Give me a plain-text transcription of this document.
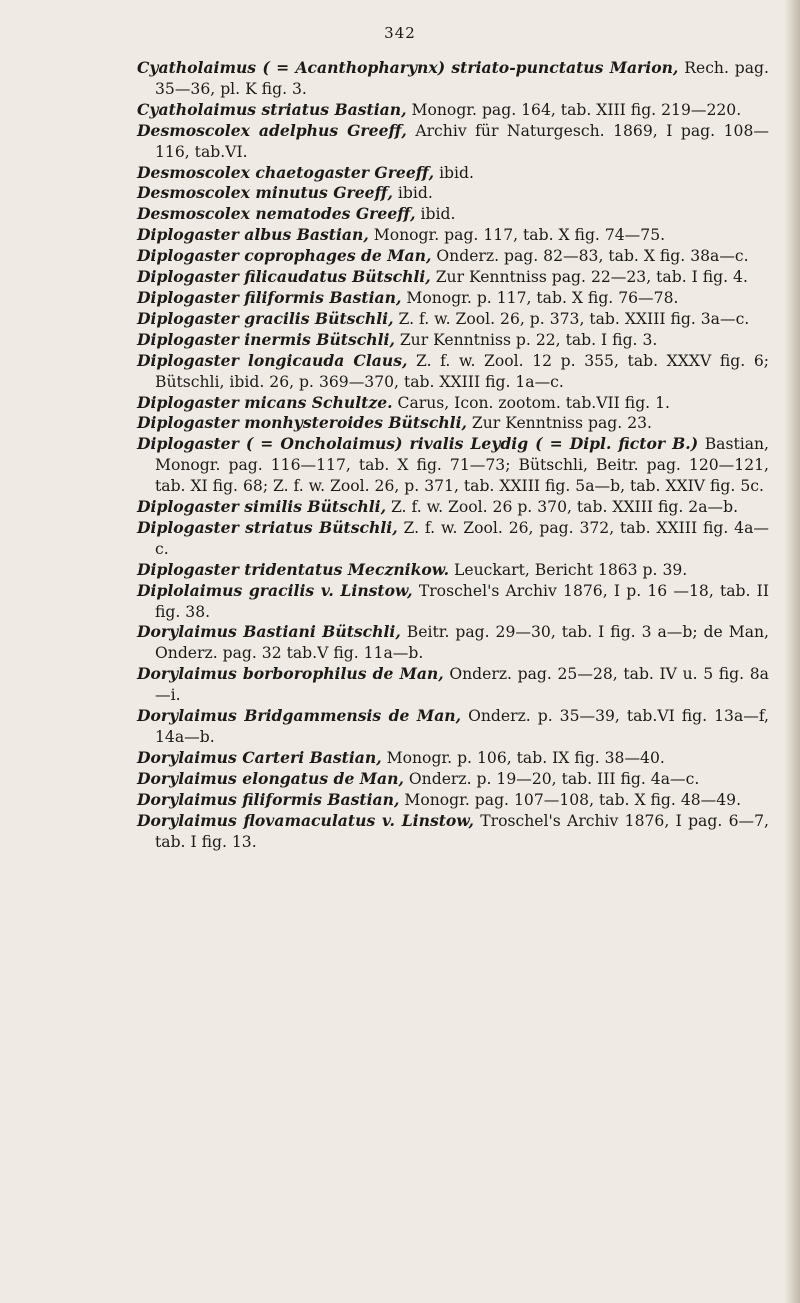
342
Cyatholaimus ( = Acanthopharynx) striato-punctatus Marion, Rech. pag. 35—36, pl. K fig. 3.
Cyatholaimus striatus Bastian, Monogr. pag. 164, tab. XIII fig. 219—220.
Desmoscolex adelphus Greeff, Archiv für Naturgesch. 1869, I pag. 108—116, tab.VI.
Desmoscolex chaetogaster Greeff, ibid.
Desmoscolex minutus Greeff, ibid.
Desmoscolex nematodes Greeff, ibid.
Diplogaster albus Bastian, Monogr. pag. 117, tab. X fig. 74—75.
Diplogaster coprophages de Man, Onderz. pag. 82—83, tab. X fig. 38a—c.
Diplogaster filicaudatus Bütschli, Zur Kenntniss pag. 22—23, tab. I fig. 4.
Diplogaster filiformis Bastian, Monogr. p. 117, tab. X fig. 76—78.
Diplogaster gracilis Bütschli, Z. f. w. Zool. 26, p. 373, tab. XXIII fig. 3a—c.
Diplogaster inermis Bütschli, Zur Kenntniss p. 22, tab. I fig. 3.
Diplogaster longicauda Claus, Z. f. w. Zool. 12 p. 355, tab. XXXV fig. 6; Bütschli, ibid. 26, p. 369—370, tab. XXIII fig. 1a—c.
Diplogaster micans Schultze. Carus, Icon. zootom. tab.VII fig. 1.
Diplogaster monhysteroides Bütschli, Zur Kenntniss pag. 23.
Diplogaster ( = Oncholaimus) rivalis Leydig ( = Dipl. fictor B.) Bastian, Monogr. pag. 116—117, tab. X fig. 71—73; Bütschli, Beitr. pag. 120—121, tab. XI fig. 68; Z. f. w. Zool. 26, p. 371, tab. XXIII fig. 5a—b, tab. XXIV fig. 5c.
Diplogaster similis Bütschli, Z. f. w. Zool. 26 p. 370, tab. XXIII fig. 2a—b.
Diplogaster striatus Bütschli, Z. f. w. Zool. 26, pag. 372, tab. XXIII fig. 4a—c.
Diplogaster tridentatus Mecznikow. Leuckart, Bericht 1863 p. 39.
Diplolaimus gracilis v. Linstow, Troschel's Archiv 1876, I p. 16 —18, tab. II fig. 38.
Dorylaimus Bastiani Bütschli, Beitr. pag. 29—30, tab. I fig. 3 a—b; de Man, Onderz. pag. 32 tab.V fig. 11a—b.
Dorylaimus borborophilus de Man, Onderz. pag. 25—28, tab. IV u. 5 fig. 8a—i.
Dorylaimus Bridgammensis de Man, Onderz. p. 35—39, tab.VI fig. 13a—f, 14a—b.
Dorylaimus Carteri Bastian, Monogr. p. 106, tab. IX fig. 38—40.
Dorylaimus elongatus de Man, Onderz. p. 19—20, tab. III fig. 4a—c.
Dorylaimus filiformis Bastian, Monogr. pag. 107—108, tab. X fig. 48—49.
Dorylaimus flovamaculatus v. Linstow, Troschel's Archiv 1876, I pag. 6—7, tab. I fig. 13.
